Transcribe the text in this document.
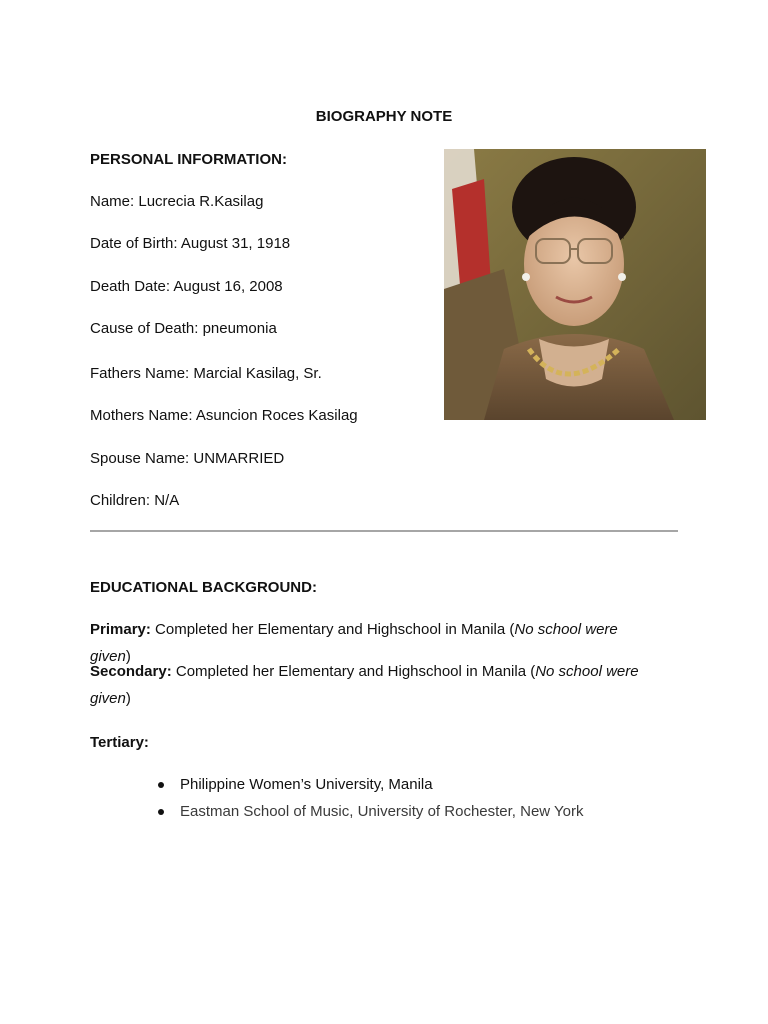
BIOGRAPHY NOTE
PERSONAL INFORMATION:
Name: Lucrecia R.Kasilag
Date of Birth: August 31, 1918
Death Date: August 16, 2008
Cause of Death: pneumonia
Fathers Name: Marcial Kasilag, Sr.
Mothers Name: Asuncion Roces Kasilag
Spouse Name: UNMARRIED
Children: N/A
EDUCATIONAL BACKGROUND:
Primary: Completed her Elementary and Highschool in Manila (No school were given)
Secondary: Completed her Elementary and Highschool in Manila (No school were given)
Tertiary:
Philippine Women’s University, Manila
Eastman School of Music, University of Rochester, New York
